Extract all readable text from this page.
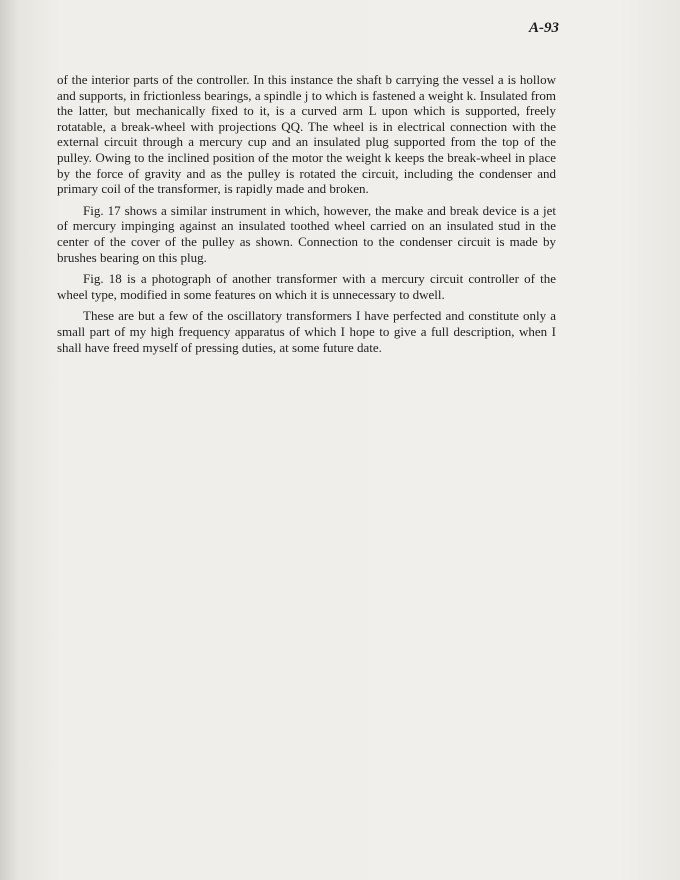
A-93

of the interior parts of the controller. In this instance the shaft b carrying the vessel a is hollow and supports, in frictionless bearings, a spindle j to which is fastened a weight k. Insulated from the latter, but mechanically fixed to it, is a curved arm L upon which is supported, freely rotatable, a break-wheel with projections QQ. The wheel is in electrical connection with the external circuit through a mercury cup and an insulated plug supported from the top of the pulley. Owing to the inclined position of the motor the weight k keeps the break-wheel in place by the force of gravity and as the pulley is rotated the circuit, including the condenser and primary coil of the transformer, is rapidly made and broken.

Fig. 17 shows a similar instrument in which, however, the make and break device is a jet of mercury impinging against an insulated toothed wheel carried on an insulated stud in the center of the cover of the pulley as shown. Connection to the condenser circuit is made by brushes bearing on this plug.

Fig. 18 is a photograph of another transformer with a mercury circuit controller of the wheel type, modified in some features on which it is unnecessary to dwell.

These are but a few of the oscillatory transformers I have perfected and constitute only a small part of my high frequency apparatus of which I hope to give a full description, when I shall have freed myself of pressing duties, at some future date.
